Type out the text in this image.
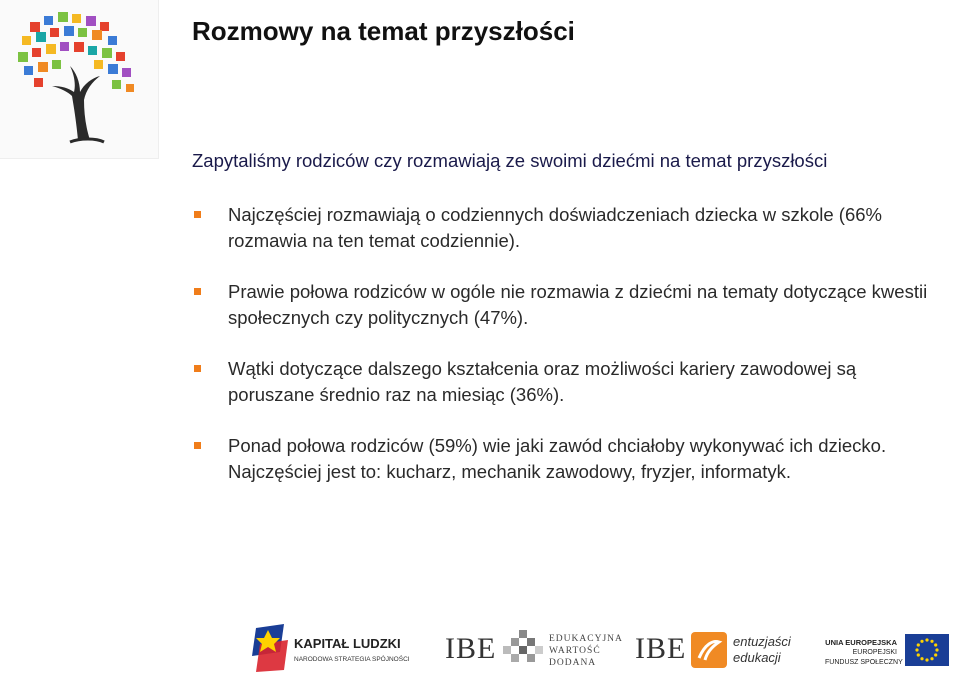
Rozmowy na temat przyszłości

Zapytaliśmy rodziców czy rozmawiają ze swoimi dziećmi na temat przyszłości

Najczęściej rozmawiają o codziennych doświadczeniach dziecka w szkole (66% rozmawia na ten temat codziennie).
Prawie połowa rodziców w ogóle nie rozmawia z dziećmi na tematy dotyczące kwestii społecznych czy politycznych (47%).
Wątki dotyczące dalszego kształcenia oraz możliwości kariery zawodowej są poruszane średnio raz na miesiąc (36%).
Ponad połowa rodziców (59%) wie jaki zawód chciałoby wykonywać ich dziecko. Najczęściej jest to: kucharz, mechanik zawodowy, fryzjer, informatyk.
KAPITAŁ LUDZKI
NARODOWA STRATEGIA SPÓJNOŚCI IBE	EDUKACYJNA
WARTOŚĆ
DODANA IBE	entuzjaści
edukacji
UNIA EUROPEJSKA
EUROPEJSKI
FUNDUSZ SPOŁECZNY
